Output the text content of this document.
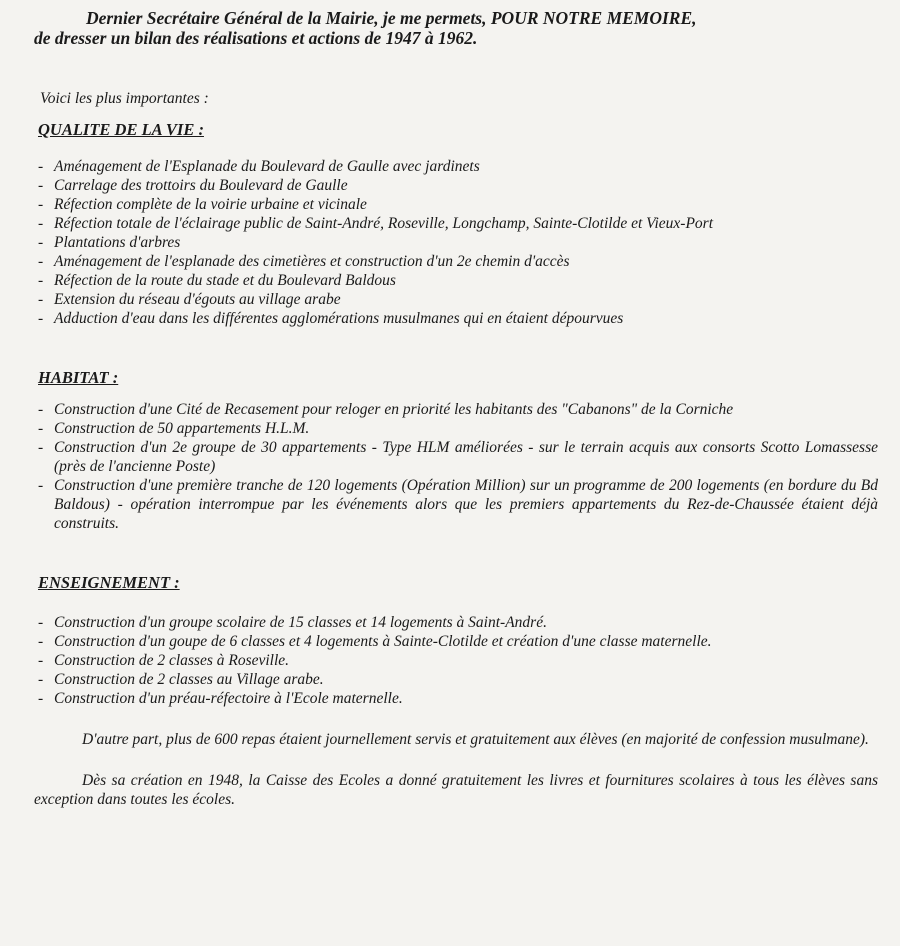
Dernier Secrétaire Général de la Mairie, je me permets, POUR NOTRE MEMOIRE,
de dresser un bilan des réalisations et actions de 1947 à 1962.

Voici les plus importantes :
QUALITE DE LA VIE :
- Aménagement de l'Esplanade du Boulevard de Gaulle avec jardinets
- Carrelage des trottoirs du Boulevard de Gaulle
- Réfection complète de la voirie urbaine et vicinale
- Réfection totale de l'éclairage public de Saint-André, Roseville, Longchamp, Sainte-Clotilde et Vieux-Port
- Plantations d'arbres
- Aménagement de l'esplanade des cimetières et construction d'un 2e chemin d'accès
- Réfection de la route du stade et du Boulevard Baldous
- Extension du réseau d'égouts au village arabe
- Adduction d'eau dans les différentes agglomérations musulmanes qui en étaient dépourvues
HABITAT :
- Construction d'une Cité de Recasement pour reloger en priorité les habitants des "Cabanons" de la Corniche
- Construction de 50 appartements H.L.M.
- Construction d'un 2e groupe de 30 appartements - Type HLM améliorées - sur le terrain acquis aux consorts Scotto Lomassesse (près de l'ancienne Poste)
- Construction d'une première tranche de 120 logements (Opération Million) sur un programme de 200 logements (en bordure du Bd Baldous) - opération interrompue par les événements alors que les premiers appartements du Rez-de-Chaussée étaient déjà construits.
ENSEIGNEMENT :
- Construction d'un groupe scolaire de 15 classes et 14 logements à Saint-André.
- Construction d'un goupe de 6 classes et 4 logements à Sainte-Clotilde et création d'une classe maternelle.
- Construction de 2 classes à Roseville.
- Construction de 2 classes au Village arabe.
- Construction d'un préau-réfectoire à l'Ecole maternelle.

D'autre part, plus de 600 repas étaient journellement servis et gratuitement aux élèves (en majorité de confession musulmane).

Dès sa création en 1948, la Caisse des Ecoles a donné gratuitement les livres et fournitures scolaires à tous les élèves sans exception dans toutes les écoles.
